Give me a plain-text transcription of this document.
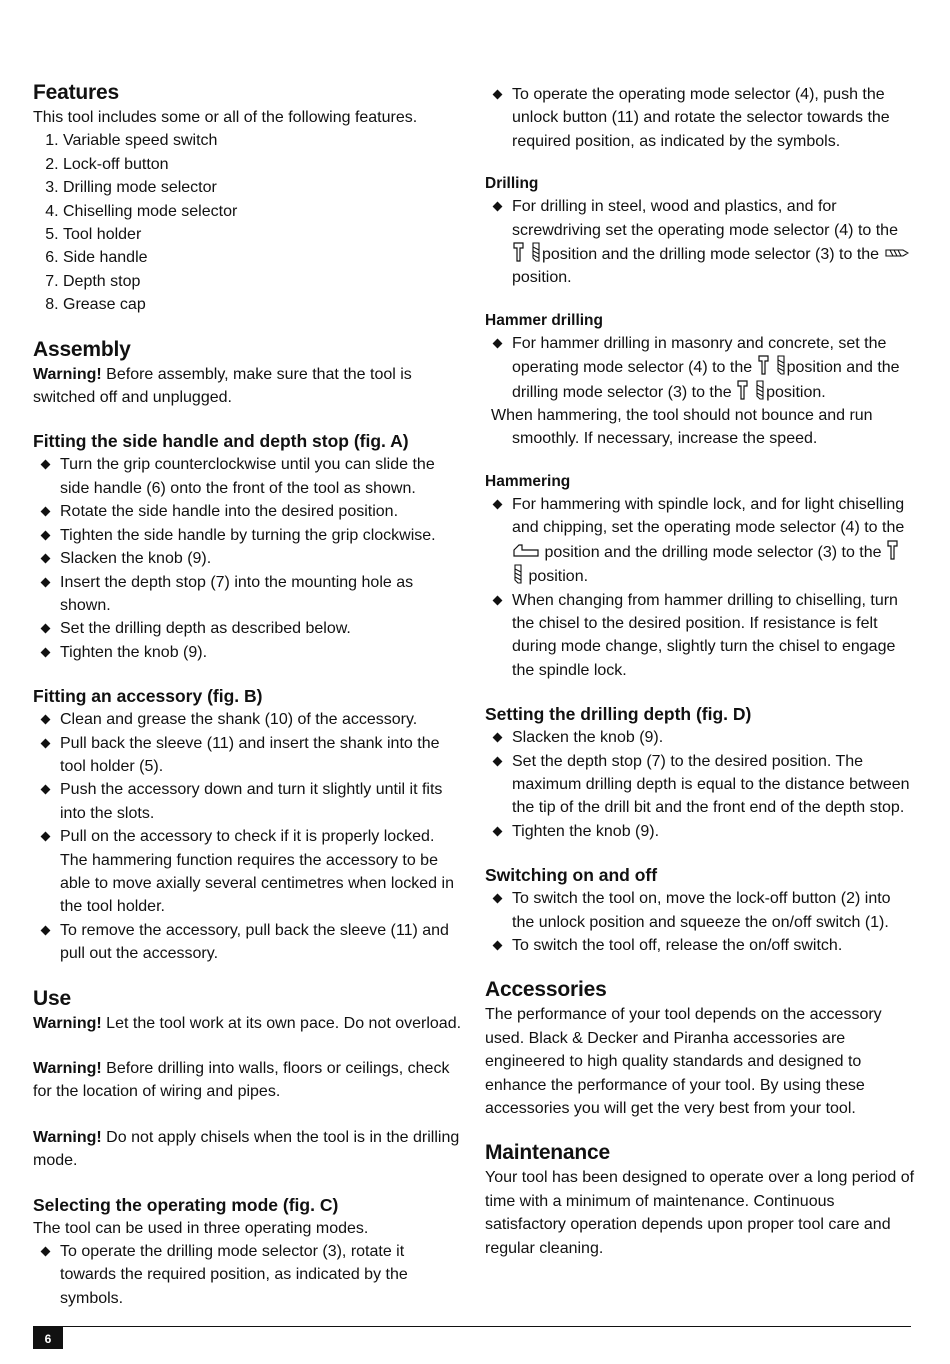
Features

This tool includes some or all of the following features.

1. Variable speed switch
2. Lock-off button
3. Drilling mode selector
4. Chiselling mode selector
5. Tool holder
6. Side handle
7. Depth stop
8. Grease cap
Assembly

Warning! Before assembly, make sure that the tool is switched off and unplugged.

Fitting the side handle and depth stop (fig. A)
Turn the grip counterclockwise until you can slide the side handle (6) onto the front of the tool as shown.
Rotate the side handle into the desired position.
Tighten the side handle by turning the grip clockwise.
Slacken the knob (9).
Insert the depth stop (7) into the mounting hole as shown.
Set the drilling depth as described below.
Tighten the knob (9).
Fitting an accessory (fig. B)
Clean and grease the shank (10) of the accessory.
Pull back the sleeve (11) and insert the shank into the tool holder (5).
Push the accessory down and turn it slightly until it fits into the slots.
Pull on the accessory to check if it is properly locked.
The hammering function requires the accessory to be able to move axially several centimetres when locked in the tool holder.
To remove the accessory, pull back the sleeve (11) and pull out the accessory.
Use

Warning! Let the tool work at its own pace. Do not overload.

Warning! Before drilling into walls, floors or ceilings, check for the location of wiring and pipes.

Warning! Do not apply chisels when the tool is in the drilling mode.

Selecting the operating mode (fig. C)

The tool can be used in three operating modes.

To operate the drilling mode selector (3), rotate it towards the required position, as indicated by the symbols.
To operate the operating mode selector (4), push the unlock button (11) and rotate the selector towards the required position, as indicated by the symbols.
Drilling
For drilling in steel, wood and plastics, and for screwdriving set the operating mode selector (4) to the position and the drilling mode selector (3) to the  position.
Hammer drilling
For hammer drilling in masonry and concrete, set the operating mode selector (4) to the position and the drilling mode selector (3) to the position.
When hammering, the tool should not bounce and run
smoothly. If necessary, increase the speed.
Hammering
For hammering with spindle lock, and for light chiselling and chipping, set the operating mode selector (4) to the  position and the drilling mode selector (3) to the  position.
When changing from hammer drilling to chiselling, turn the chisel to the desired position. If resistance is felt during mode change, slightly turn the chisel to engage the spindle lock.
Setting the drilling depth (fig. D)
Slacken the knob (9).
Set the depth stop (7) to the desired position. The maximum drilling depth is equal to the distance between the tip of the drill bit and the front end of the depth stop.
Tighten the knob (9).
Switching on and off
To switch the tool on, move the lock-off button (2) into the unlock position and squeeze the on/off switch (1).
To switch the tool off, release the on/off switch.
Accessories

The performance of your tool depends on the accessory used. Black & Decker and Piranha accessories are engineered to high quality standards and designed to enhance the performance of your tool. By using these accessories you will get the very best from your tool.

Maintenance

Your tool has been designed to operate over a long period of time with a minimum of maintenance. Continuous satisfactory operation depends upon proper tool care and regular cleaning.

6
